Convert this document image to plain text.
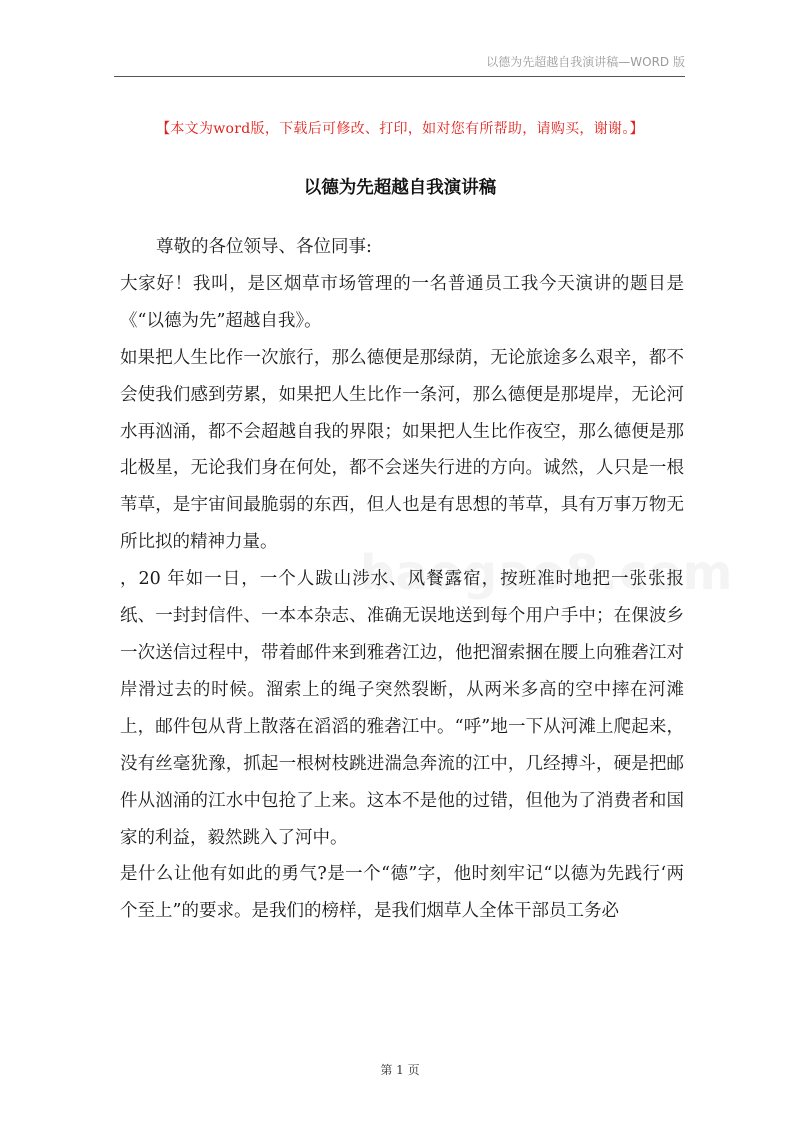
以德为先超越自我演讲稿—WORD 版
【本文为word版，下载后可修改、打印，如对您有所帮助，请购买，谢谢。】
以德为先超越自我演讲稿

尊敬的各位领导、各位同事:

大家好！我叫，是区烟草市场管理的一名普通员工我今天演讲的题目是《“以德为先”超越自我》。

如果把人生比作一次旅行，那么德便是那绿荫，无论旅途多么艰辛，都不会使我们感到劳累，如果把人生比作一条河，那么德便是那堤岸，无论河水再汹涌，都不会超越自我的界限；如果把人生比作夜空，那么德便是那北极星，无论我们身在何处，都不会迷失行进的方向。诚然，人只是一根苇草，是宇宙间最脆弱的东西，但人也是有思想的苇草，具有万事万物无所比拟的精神力量。

，20 年如一日，一个人跋山涉水、风餐露宿，按班准时地把一张张报纸、一封封信件、一本本杂志、准确无误地送到每个用户手中；在倮波乡一次送信过程中，带着邮件来到雅砻江边，他把溜索捆在腰上向雅砻江对岸滑过去的时候。溜索上的绳子突然裂断，从两米多高的空中摔在河滩上，邮件包从背上散落在滔滔的雅砻江中。“呼”地一下从河滩上爬起来，没有丝毫犹豫，抓起一根树枝跳进湍急奔流的江中，几经搏斗，硬是把邮件从汹涌的江水中包抢了上来。这本不是他的过错，但他为了消费者和国家的利益，毅然跳入了河中。

是什么让他有如此的勇气?是一个“德”字，他时刻牢记“以德为先践行‘两个至上”的要求。是我们的榜样，是我们烟草人全体干部员工务必

第 1 页
